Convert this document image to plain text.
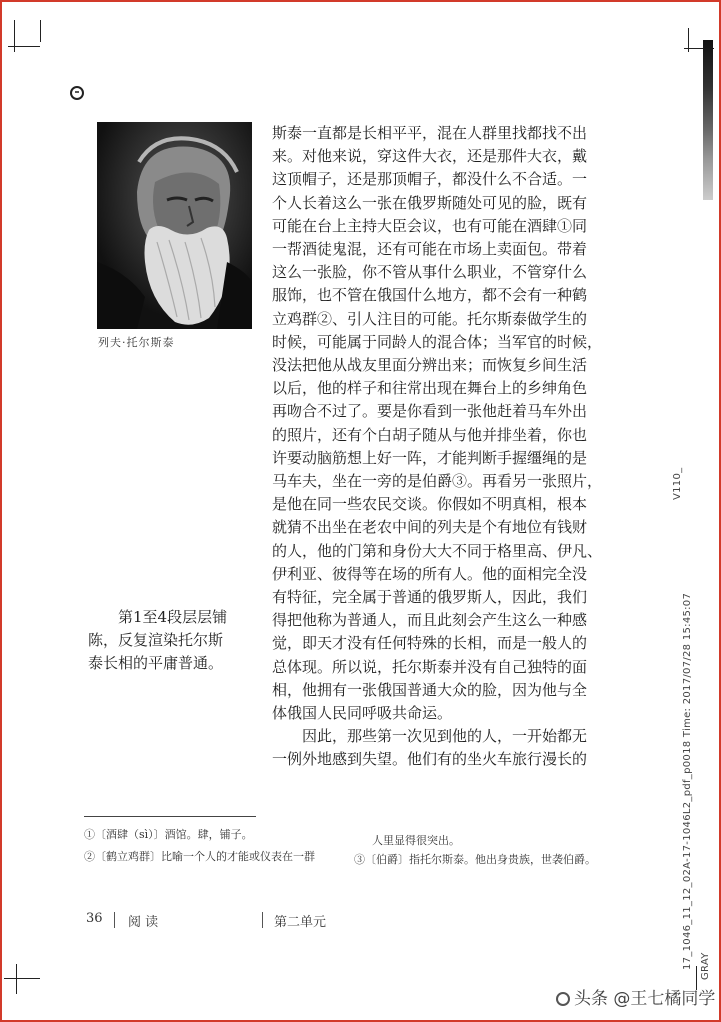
列夫·托尔斯泰
第1至4段层层铺
陈，反复渲染托尔斯
泰长相的平庸普通。
斯泰一直都是长相平平，混在人群里找都找不出
来。对他来说，穿这件大衣，还是那件大衣，戴
这顶帽子，还是那顶帽子，都没什么不合适。一
个人长着这么一张在俄罗斯随处可见的脸，既有
可能在台上主持大臣会议，也有可能在酒肆①同
一帮酒徒鬼混，还有可能在市场上卖面包。带着
这么一张脸，你不管从事什么职业，不管穿什么
服饰，也不管在俄国什么地方，都不会有一种鹤
立鸡群②、引人注目的可能。托尔斯泰做学生的
时候，可能属于同龄人的混合体；当军官的时候，
没法把他从战友里面分辨出来；而恢复乡间生活
以后，他的样子和往常出现在舞台上的乡绅角色
再吻合不过了。要是你看到一张他赶着马车外出
的照片，还有个白胡子随从与他并排坐着，你也
许要动脑筋想上好一阵，才能判断手握缰绳的是
马车夫，坐在一旁的是伯爵③。再看另一张照片，
是他在同一些农民交谈。你假如不明真相，根本
就猜不出坐在老农中间的列夫是个有地位有钱财
的人，他的门第和身份大大不同于格里高、伊凡、
伊利亚、彼得等在场的所有人。他的面相完全没
有特征，完全属于普通的俄罗斯人，因此，我们
得把他称为普通人，而且此刻会产生这么一种感
觉，即天才没有任何特殊的长相，而是一般人的
总体现。所以说，托尔斯泰并没有自己独特的面
相，他拥有一张俄国普通大众的脸，因为他与全
体俄国人民同呼吸共命运。
因此，那些第一次见到他的人，一开始都无
一例外地感到失望。他们有的坐火车旅行漫长的
①〔酒肆（sì）〕酒馆。肆，铺子。
②〔鹤立鸡群〕比喻一个人的才能或仪表在一群
人里显得很突出。
③〔伯爵〕指托尔斯泰。他出身贵族，世袭伯爵。
36 阅 读	第二单元
V110_
17_1046_11_12_02A-17-1046L2_pdf_p0018 Time: 2017/07/28 15:45:07 GRAY
头条 @王七橘同学
